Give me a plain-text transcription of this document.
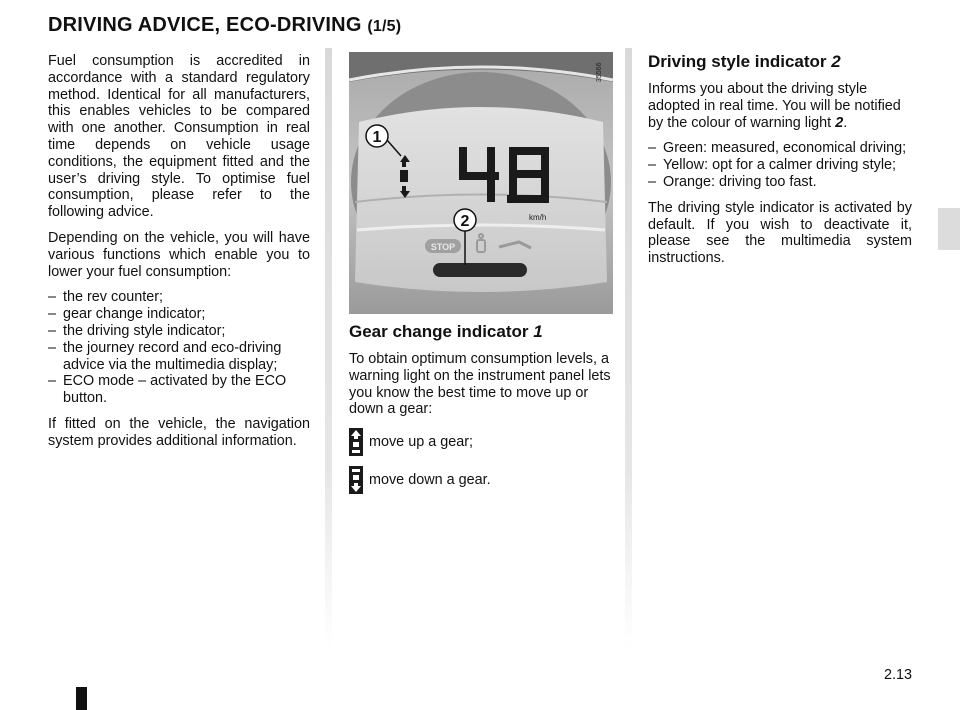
DRIVING ADVICE, ECO-DRIVING (1/5)

Fuel consumption is accredited in accordance with a standard regulatory method. Identical for all manufacturers, this enables vehicles to be compared with one another. Consumption in real time depends on vehicle usage conditions, the equipment fitted and the user’s driving style. To optimise fuel consumption, please refer to the following advice.

Depending on the vehicle, you will have various functions which enable you to lower your fuel consumption:

– the rev counter;
– gear change indicator;
– the driving style indicator;
– the journey record and eco-driving advice via the multimedia display;
– ECO mode – activated by the ECO button.

If fitted on the vehicle, the navigation system provides additional information.

km/h
STOP
1
2
35566
Gear change indicator 1

To obtain optimum consumption levels, a warning light on the instrument panel lets you know the best time to move up or down a gear:

move up a gear;
move down a gear.
Driving style indicator 2

Informs you about the driving style adopted in real time. You will be notified by the colour of warning light 2.

– Green: measured, economical driving;
– Yellow: opt for a calmer driving style;
– Orange: driving too fast.

The driving style indicator is activated by default. If you wish to deactivate it, please see the multimedia system instructions.

2.13
